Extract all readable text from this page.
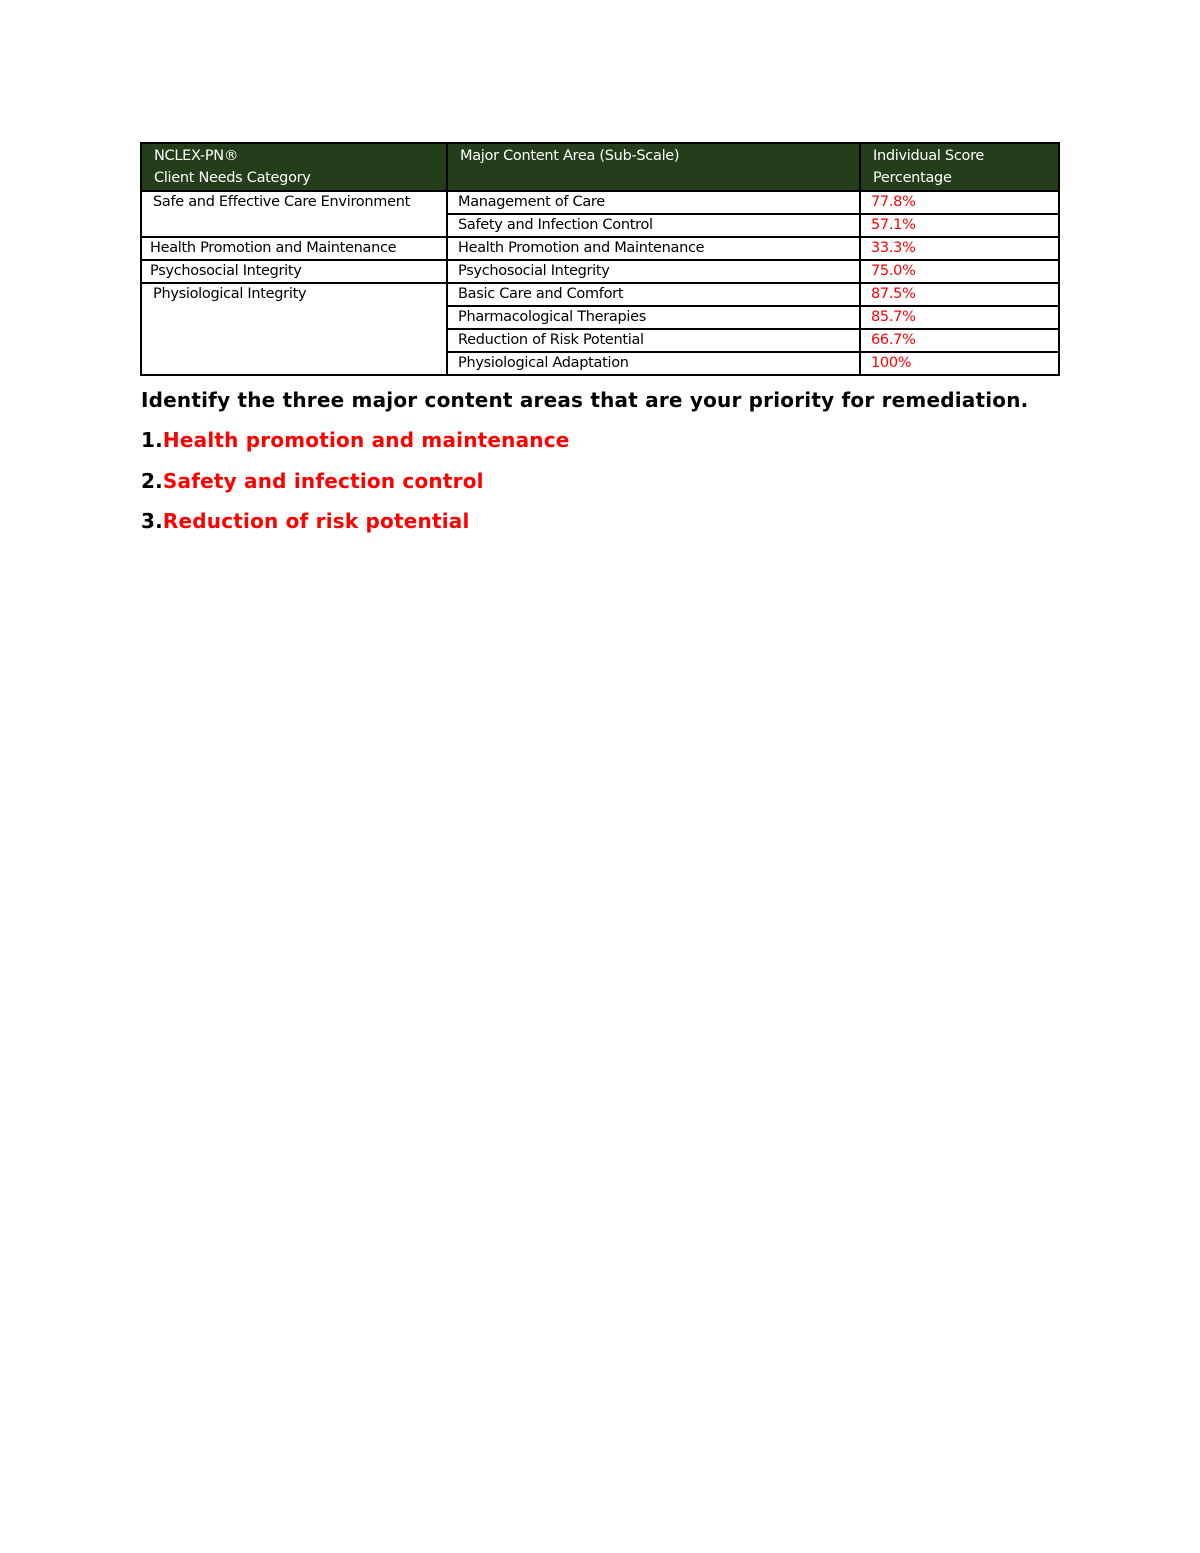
NCLEX-PN®
Client Needs Category	Major Content Area (Sub-Scale)	Individual Score
Percentage

Safe and Effective Care Environment	Management of Care	77.8%
	Safety and Infection Control	57.1%
Health Promotion and Maintenance	Health Promotion and Maintenance	33.3%
Psychosocial Integrity	Psychosocial Integrity	75.0%
Physiological Integrity	Basic Care and Comfort	87.5%
	Pharmacological Therapies	85.7%
	Reduction of Risk Potential	66.7%
	Physiological Adaptation	100%
Identify the three major content areas that are your priority for remediation.
1.Health promotion and maintenance
2.Safety and infection control
3.Reduction of risk potential
